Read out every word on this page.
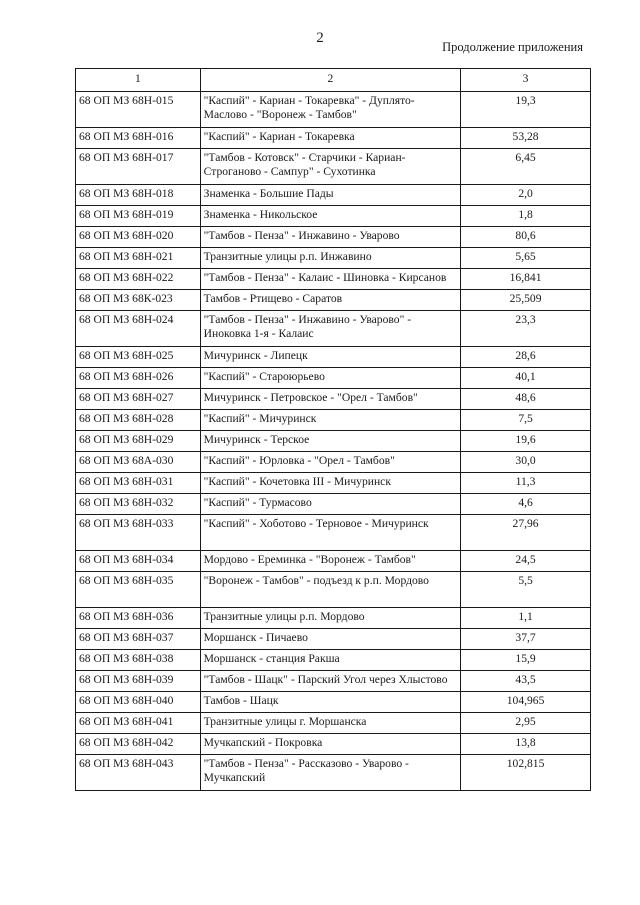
2
Продолжение приложения
1	2	3
68 ОП МЗ 68Н-015	"Каспий" - Кариан - Токаревка" - Дуплято-Маслово - "Воронеж - Тамбов"	19,3
68 ОП МЗ 68Н-016	"Каспий" - Кариан - Токаревка	53,28
68 ОП МЗ 68Н-017	"Тамбов - Котовск" - Старчики - Кариан-Строганово - Сампур" - Сухотинка	6,45
68 ОП МЗ 68Н-018	Знаменка - Большие Пады	2,0
68 ОП МЗ 68Н-019	Знаменка - Никольское	1,8
68 ОП МЗ 68Н-020	"Тамбов - Пенза" - Инжавино - Уварово	80,6
68 ОП МЗ 68Н-021	Транзитные улицы р.п. Инжавино	5,65
68 ОП МЗ 68Н-022	"Тамбов - Пенза" - Калаис - Шиновка - Кирсанов	16,841
68 ОП МЗ 68К-023	Тамбов - Ртищево - Саратов	25,509
68 ОП МЗ 68Н-024	"Тамбов - Пенза" - Инжавино - Уварово" - Иноковка 1-я - Калаис	23,3
68 ОП МЗ 68Н-025	Мичуринск - Липецк	28,6
68 ОП МЗ 68Н-026	"Каспий" - Староюрьево	40,1
68 ОП МЗ 68Н-027	Мичуринск - Петровское - "Орел - Тамбов"	48,6
68 ОП МЗ 68Н-028	"Каспий" - Мичуринск	7,5
68 ОП МЗ 68Н-029	Мичуринск - Терское	19,6
68 ОП МЗ 68А-030	"Каспий" - Юрловка - "Орел - Тамбов"	30,0
68 ОП МЗ 68Н-031	"Каспий" - Кочетовка III - Мичуринск	11,3
68 ОП МЗ 68Н-032	"Каспий" - Турмасово	4,6
68 ОП МЗ 68Н-033	"Каспий" - Хоботово - Терновое - Мичуринск	27,96
68 ОП МЗ 68Н-034	Мордово - Ереминка - "Воронеж - Тамбов"	24,5
68 ОП МЗ 68Н-035	"Воронеж - Тамбов" - подъезд к р.п. Мордово	5,5
68 ОП МЗ 68Н-036	Транзитные улицы р.п. Мордово	1,1
68 ОП МЗ 68Н-037	Моршанск - Пичаево	37,7
68 ОП МЗ 68Н-038	Моршанск - станция Ракша	15,9
68 ОП МЗ 68Н-039	"Тамбов - Шацк" - Парский Угол через Хлыстово	43,5
68 ОП МЗ 68Н-040	Тамбов - Шацк	104,965
68 ОП МЗ 68Н-041	Транзитные улицы г. Моршанска	2,95
68 ОП МЗ 68Н-042	Мучкапский - Покровка	13,8
68 ОП МЗ 68Н-043	"Тамбов - Пенза" - Рассказово - Уварово - Мучкапский	102,815
